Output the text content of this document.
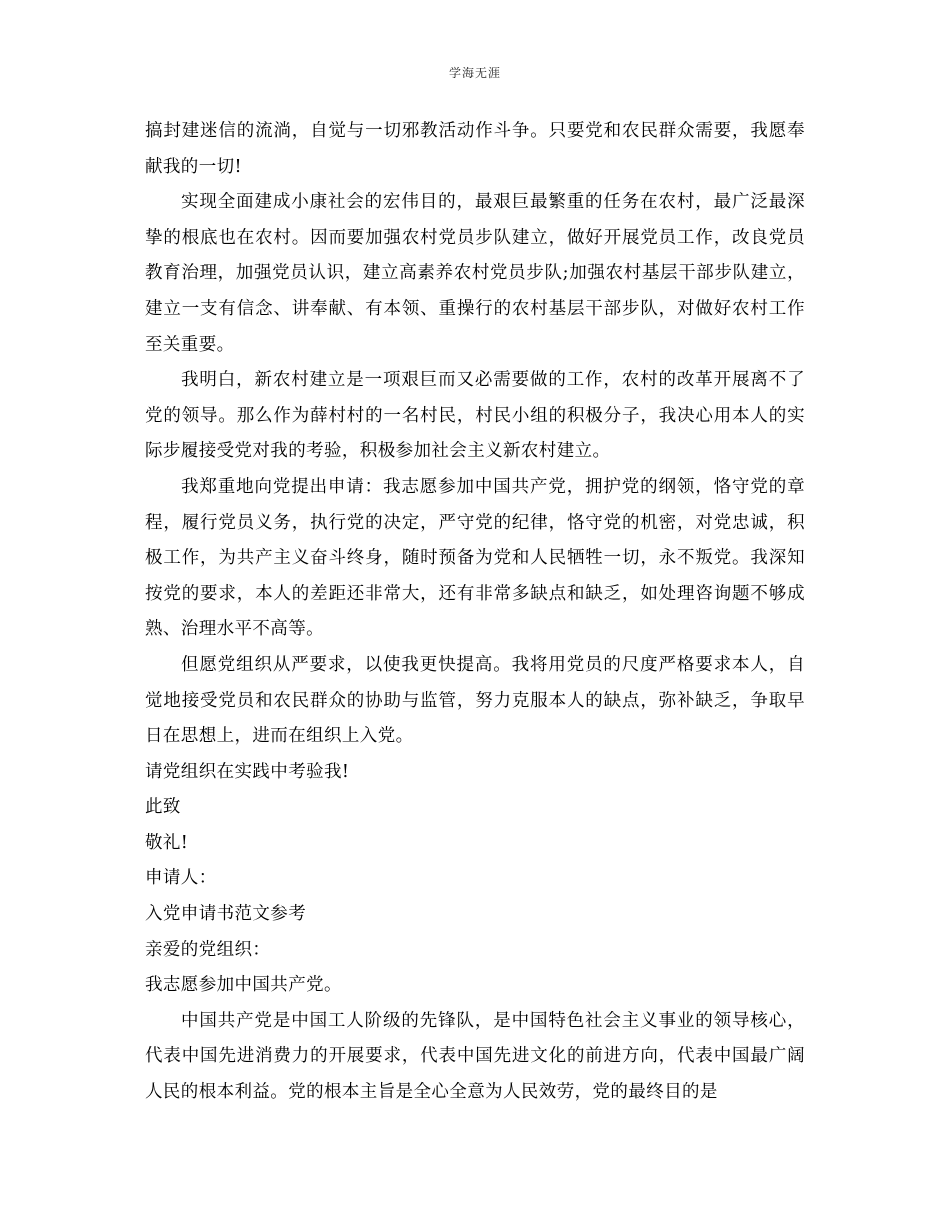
学海无涯

搞封建迷信的流淌，自觉与一切邪教活动作斗争。只要党和农民群众需要，我愿奉献我的一切!

实现全面建成小康社会的宏伟目的，最艰巨最繁重的任务在农村，最广泛最深挚的根底也在农村。因而要加强农村党员步队建立，做好开展党员工作，改良党员教育治理，加强党员认识，建立高素养农村党员步队;加强农村基层干部步队建立，建立一支有信念、讲奉献、有本领、重操行的农村基层干部步队，对做好农村工作至关重要。

我明白，新农村建立是一项艰巨而又必需要做的工作，农村的改革开展离不了党的领导。那么作为薛村村的一名村民，村民小组的积极分子，我决心用本人的实际步履接受党对我的考验，积极参加社会主义新农村建立。

我郑重地向党提出申请：我志愿参加中国共产党，拥护党的纲领，恪守党的章程，履行党员义务，执行党的决定，严守党的纪律，恪守党的机密，对党忠诚，积极工作，为共产主义奋斗终身，随时预备为党和人民牺牲一切，永不叛党。我深知按党的要求，本人的差距还非常大，还有非常多缺点和缺乏，如处理咨询题不够成熟、治理水平不高等。

但愿党组织从严要求，以使我更快提高。我将用党员的尺度严格要求本人，自觉地接受党员和农民群众的协助与监管，努力克服本人的缺点，弥补缺乏，争取早日在思想上，进而在组织上入党。

请党组织在实践中考验我!

此致

敬礼!

申请人：

入党申请书范文参考

亲爱的党组织：

我志愿参加中国共产党。

中国共产党是中国工人阶级的先锋队，是中国特色社会主义事业的领导核心，代表中国先进消费力的开展要求，代表中国先进文化的前进方向，代表中国最广阔人民的根本利益。党的根本主旨是全心全意为人民效劳，党的最终目的是
